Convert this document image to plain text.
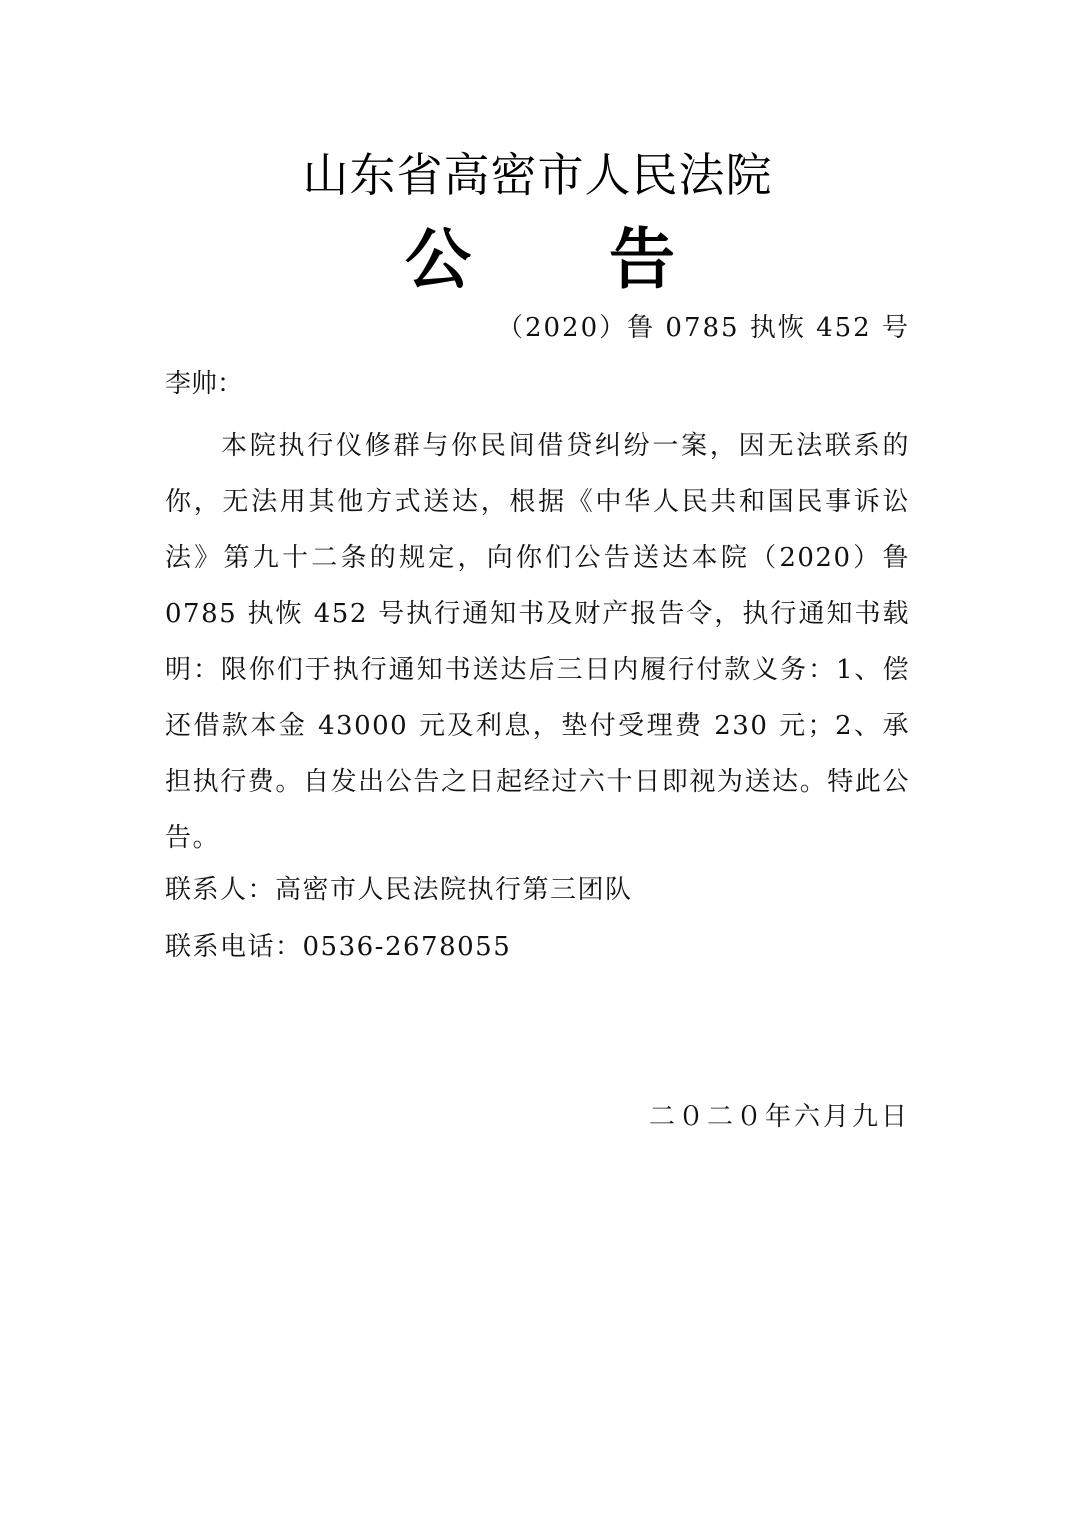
山东省高密市人民法院
公 告
（2020）鲁 0785 执恢 452 号
李帅：

本院执行仪修群与你民间借贷纠纷一案，因无法联系的你，无法用其他方式送达，根据《中华人民共和国民事诉讼法》第九十二条的规定，向你们公告送达本院（2020）鲁 0785 执恢 452 号执行通知书及财产报告令，执行通知书载明：限你们于执行通知书送达后三日内履行付款义务：1、偿还借款本金 43000 元及利息，垫付受理费 230 元；2、承担执行费。自发出公告之日起经过六十日即视为送达。特此公告。

联系人：高密市人民法院执行第三团队
联系电话：0536-2678055
二０二０年六月九日
